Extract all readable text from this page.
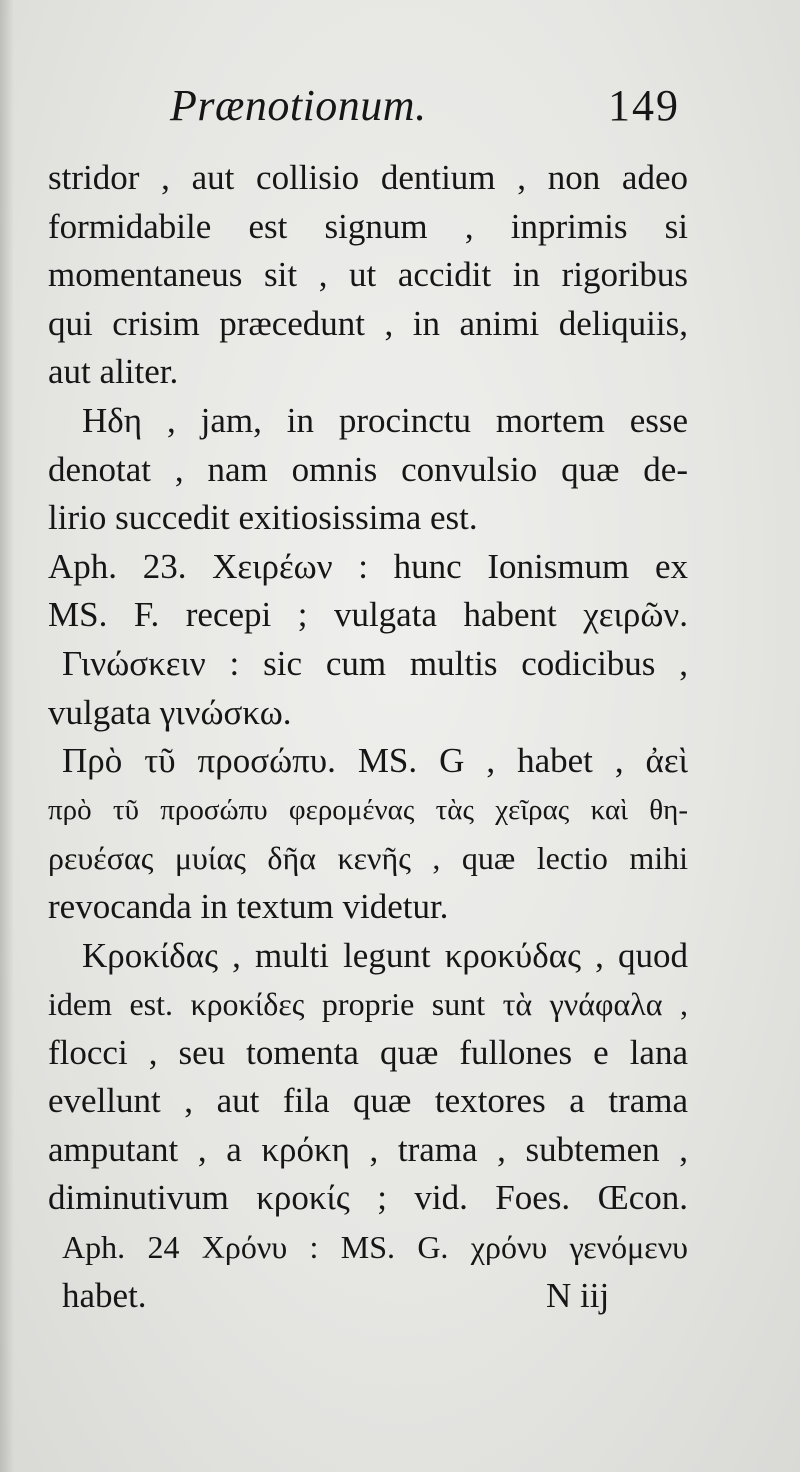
Prænotionum.	149
stridor , aut collisio dentium , non adeo
formidabile est signum , inprimis si
momentaneus sit , ut accidit in rigoribus
qui crisim præcedunt , in animi deliquiis,
aut aliter.
Ηδη , jam, in procinctu mortem esse
denotat , nam omnis convulsio quæ de-
lirio succedit exitiosissima est.
Aph. 23. Χειρέων : hunc Ionismum ex
MS. F. recepi ; vulgata habent χειρῶν.
Γινώσκειν : sic cum multis codicibus ,
vulgata γινώσκω.
Πρὸ τῦ προσώπυ. MS. G , habet , ἀεὶ
πρὸ τῦ προσώπυ φερομένας τὰς χεῖρας καὶ θη-
ρευέσας μυίας δῆα κενῆς , quæ lectio mihi
revocanda in textum videtur.
Κροκίδας , multi legunt κροκύδας , quod
idem est. κροκίδες proprie sunt τὰ γνάφαλα ,
flocci , seu tomenta quæ fullones e lana
evellunt , aut fila quæ textores a trama
amputant , a κρόκη , trama , subtemen ,
diminutivum κροκίς ; vid. Foes. Œcon.
Aph. 24 Χρόνυ : MS. G. χρόνυ γενόμενυ
habet.	N iij
